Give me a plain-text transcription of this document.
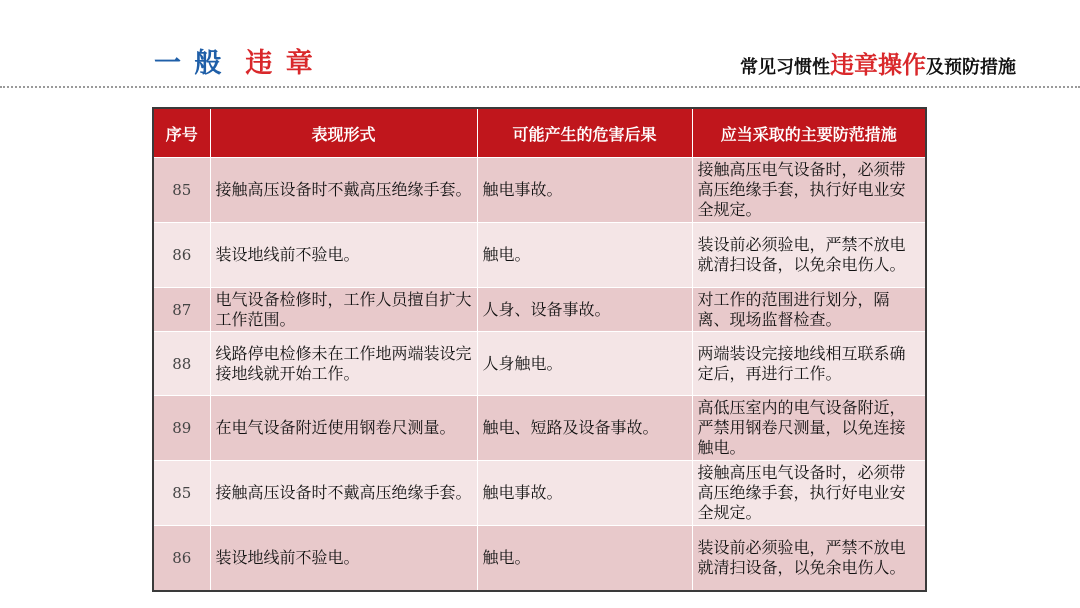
一 般 违 章	常见习惯性违章操作及预防措施
序号	表现形式	可能产生的危害后果	应当采取的主要防范措施
85	接触高压设备时不戴高压绝缘手套。	触电事故。	接触高压电气设备时，必须带高压绝缘手套，执行好电业安全规定。
86	装设地线前不验电。	触电。	装设前必须验电，严禁不放电就清扫设备，以免余电伤人。
87	电气设备检修时，工作人员擅自扩大工作范围。	人身、设备事故。	对工作的范围进行划分，隔离、现场监督检查。
88	线路停电检修未在工作地两端装设完接地线就开始工作。	人身触电。	两端装设完接地线相互联系确定后，再进行工作。
89	在电气设备附近使用钢卷尺测量。	触电、短路及设备事故。	高低压室内的电气设备附近，严禁用钢卷尺测量，以免连接触电。
85	接触高压设备时不戴高压绝缘手套。	触电事故。	接触高压电气设备时，必须带高压绝缘手套，执行好电业安全规定。
86	装设地线前不验电。	触电。	装设前必须验电，严禁不放电就清扫设备，以免余电伤人。
